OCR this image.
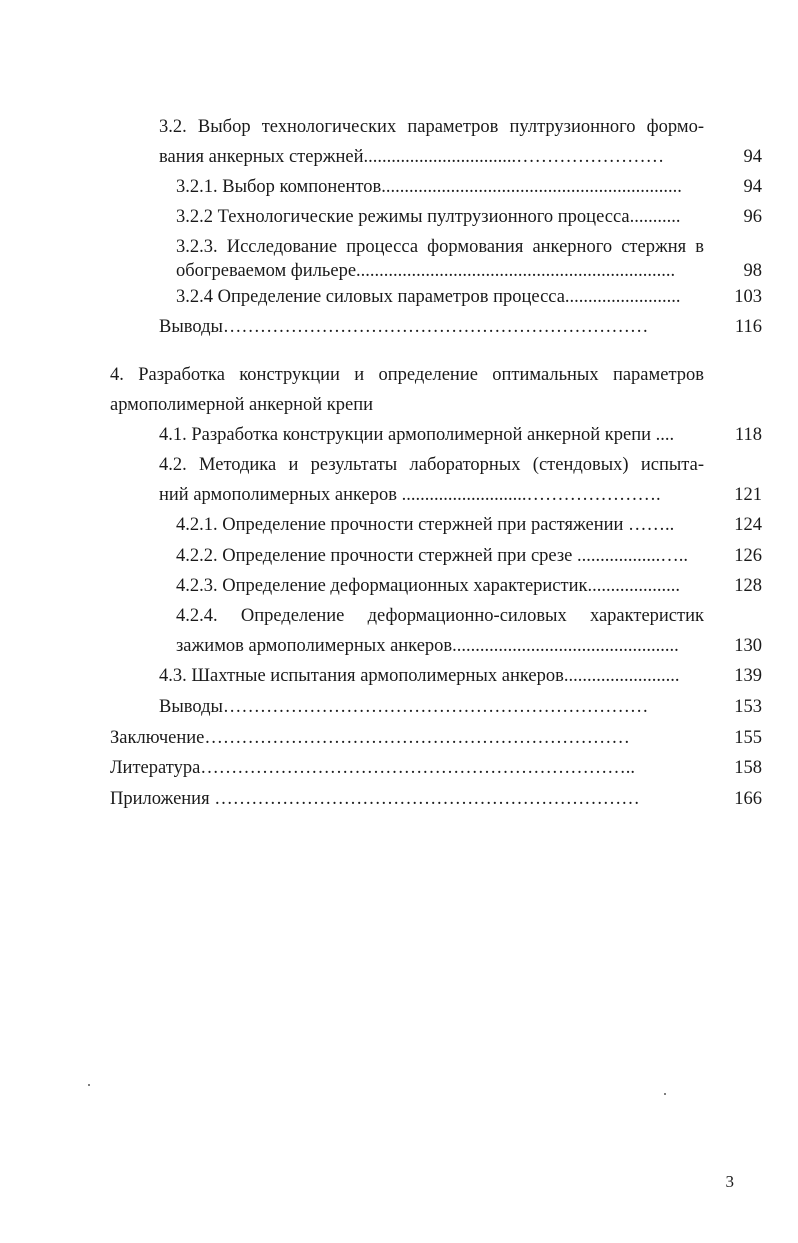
3.2. Выбор технологических параметров пултрузионного формо-
вания анкерных стержней.................................……………………	94
3.2.1. Выбор компонентов.................................................................	94
3.2.2 Технологические режимы пултрузионного процесса...........	96
3.2.3. Исследование процесса формования анкерного стержня в
обогреваемом фильере.....................................................................	98
3.2.4 Определение силовых параметров процесса.........................	103
Выводы……………………………………………………………	116
4. Разработка конструкции и определение оптимальных параметров
армополимерной анкерной крепи
4.1. Разработка конструкции армополимерной анкерной крепи ....	118
4.2. Методика и результаты лабораторных (стендовых) испыта-
ний армополимерных анкеров ...........................………………….	121
4.2.1. Определение прочности стержней при растяжении ……..	124
4.2.2. Определение прочности стержней при срезе ..................…..	126
4.2.3. Определение деформационных характеристик....................	128
4.2.4. Определение деформационно-силовых характеристик
зажимов армополимерных анкеров.................................................	130
4.3. Шахтные испытания армополимерных анкеров.........................	139
Выводы……………………………………………………………	153
Заключение……………………………………………………………	155
Литература……………………………………………………………..	158
Приложения ……………………………………………………………	166
3
